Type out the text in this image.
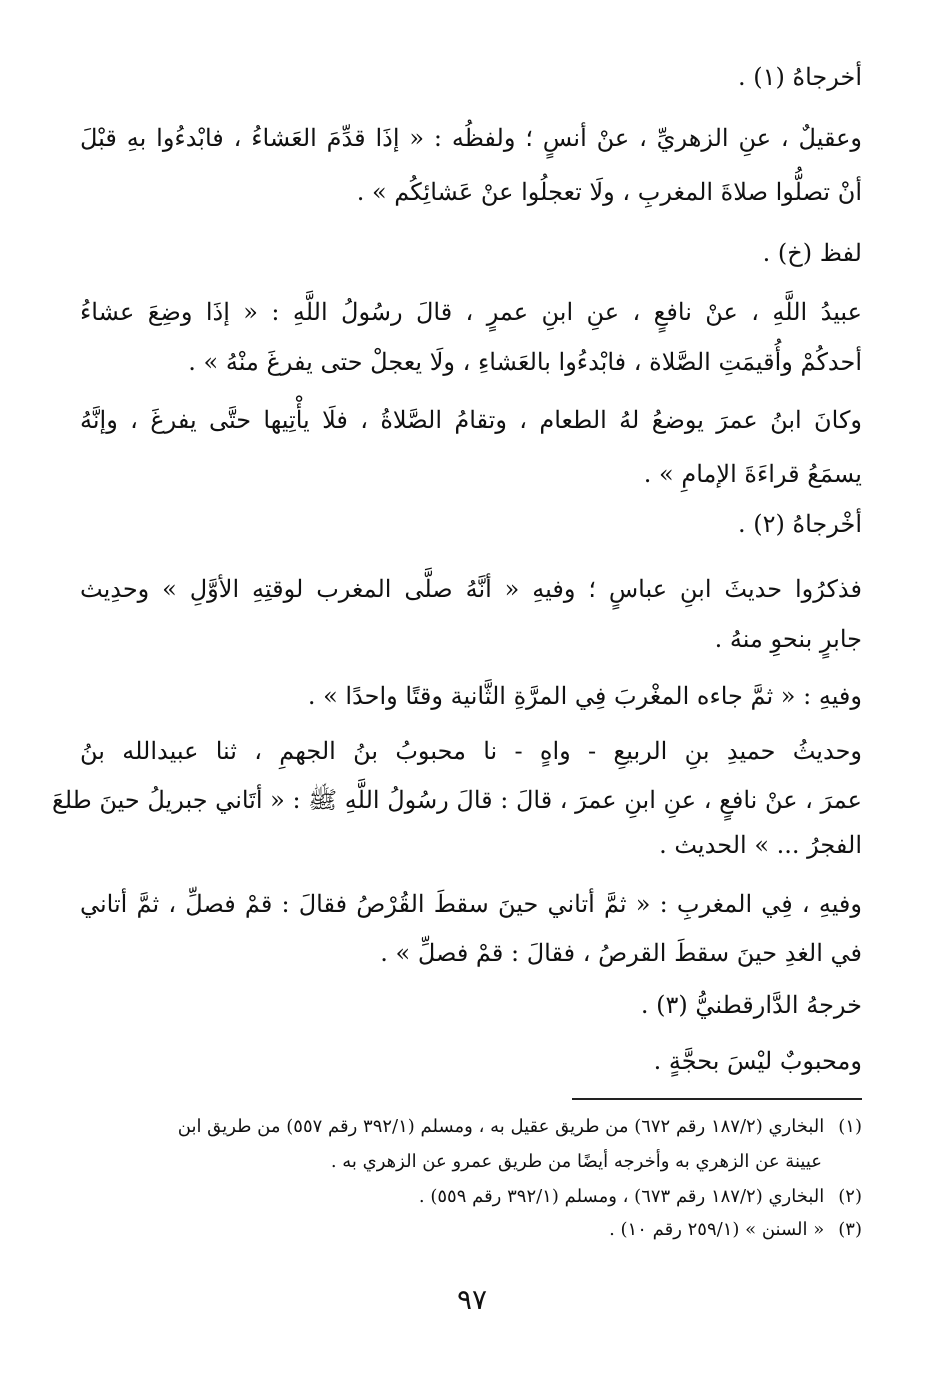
أخرجاهُ (١) .
وعقيلٌ ، عنِ الزهريِّ ، عنْ أنسٍ ؛ ولفظُه : « إذَا قدِّمَ العَشاءُ ، فابْدءُوا بهِ قبْلَ
أنْ تصلُّوا صلاةَ المغربِ ، ولَا تعجلُوا عنْ عَشائِكُم » .
لفظ (خ) .
عبيدُ اللَّهِ ، عنْ نافعٍ ، عنِ ابنِ عمرٍ ، قالَ رسُولُ اللَّهِ : « إذَا وضِعَ عشاءُ
أحدكُمْ وأُقيمَتِ الصَّلاة ، فابْدءُوا بالعَشاءِ ، ولَا يعجلْ حتى يفرغَ منْهُ » .
وكانَ ابنُ عمرَ يوضعُ لهُ الطعام ، وتقامُ الصَّلاةُ ، فلَا يأْتِيها حتَّى يفرغَ ، وإنَّهُ
يسمَعُ قراءَةَ الإمامِ » .
أخْرجاهُ (٢) .
فذكرُوا حديثَ ابنِ عباسٍ ؛ وفيهِ « أنَّهُ صلَّى المغرب لوقتِهِ الأوَّلِ » وحدِيث
جابرٍ بنحوِ منهُ .
وفيهِ : « ثمَّ جاءه المغْربَ فِي المرَّةِ الثَّانية وقتًا واحدًا » .
وحديثُ حميدِ بنِ الربيعِ - واهٍ - نا محبوبُ بنُ الجهمِ ، ثنا عبيدالله بنُ
عمرَ ، عنْ نافعٍ ، عنِ ابنِ عمرَ ، قالَ : قالَ رسُولُ اللَّهِ ﷺ : « أتَاني جبريلُ حينَ طلعَ
الفجرُ ... » الحديث .
وفيهِ ، فِي المغربِ : « ثمَّ أتاني حينَ سقطَ القُرْصُ فقالَ : قمْ فصلِّ ، ثمَّ أتاني
في الغدِ حينَ سقطَ القرصُ ، فقالَ : قمْ فصلِّ » .
خرجهُ الدَّارقطنيُّ (٣) .
ومحبوبٌ ليْسَ بحجَّةٍ .
(١)البخاري (١٨٧/٢ رقم ٦٧٢) من طريق عقيل به ، ومسلم (٣٩٢/١ رقم ٥٥٧) من طريق ابن
عيينة عن الزهري به وأخرجه أيضًا من طريق عمرو عن الزهري به .
(٢)البخاري (١٨٧/٢ رقم ٦٧٣) ، ومسلم (٣٩٢/١ رقم ٥٥٩) .
(٣)« السنن » (٢٥٩/١ رقم ١٠) .
٩٧
